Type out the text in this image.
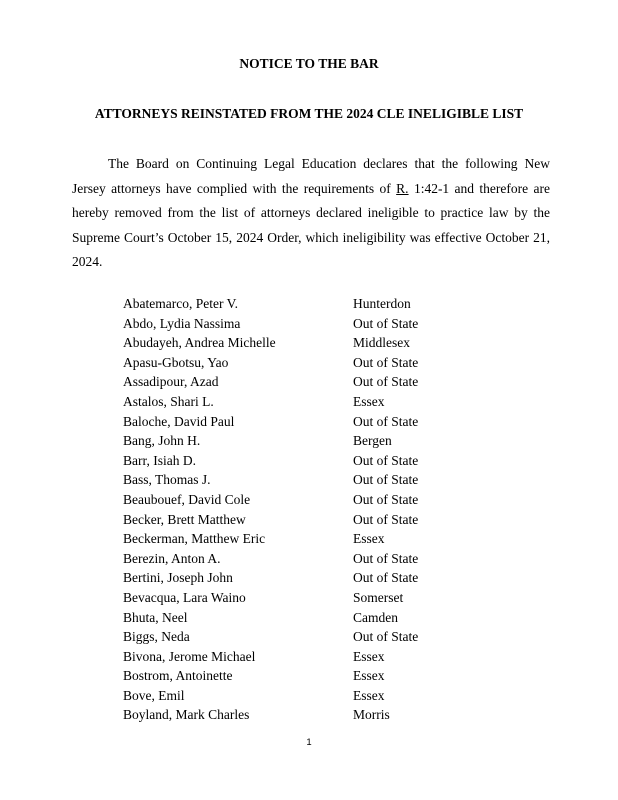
NOTICE TO THE BAR
ATTORNEYS REINSTATED FROM THE 2024 CLE INELIGIBLE LIST

The Board on Continuing Legal Education declares that the following New Jersey attorneys have complied with the requirements of R. 1:42-1 and therefore are hereby removed from the list of attorneys declared ineligible to practice law by the Supreme Court’s October 15, 2024 Order, which ineligibility was effective October 21, 2024.

Abatemarco, Peter V.	Hunterdon
Abdo, Lydia Nassima	Out of State
Abudayeh, Andrea Michelle	Middlesex
Apasu-Gbotsu, Yao	Out of State
Assadipour, Azad	Out of State
Astalos, Shari L.	Essex
Baloche, David Paul	Out of State
Bang, John H.	Bergen
Barr, Isiah D.	Out of State
Bass, Thomas J.	Out of State
Beaubouef, David Cole	Out of State
Becker, Brett Matthew	Out of State
Beckerman, Matthew Eric	Essex
Berezin, Anton A.	Out of State
Bertini, Joseph John	Out of State
Bevacqua, Lara Waino	Somerset
Bhuta, Neel	Camden
Biggs, Neda	Out of State
Bivona, Jerome Michael	Essex
Bostrom, Antoinette	Essex
Bove, Emil	Essex
Boyland, Mark Charles	Morris

1
